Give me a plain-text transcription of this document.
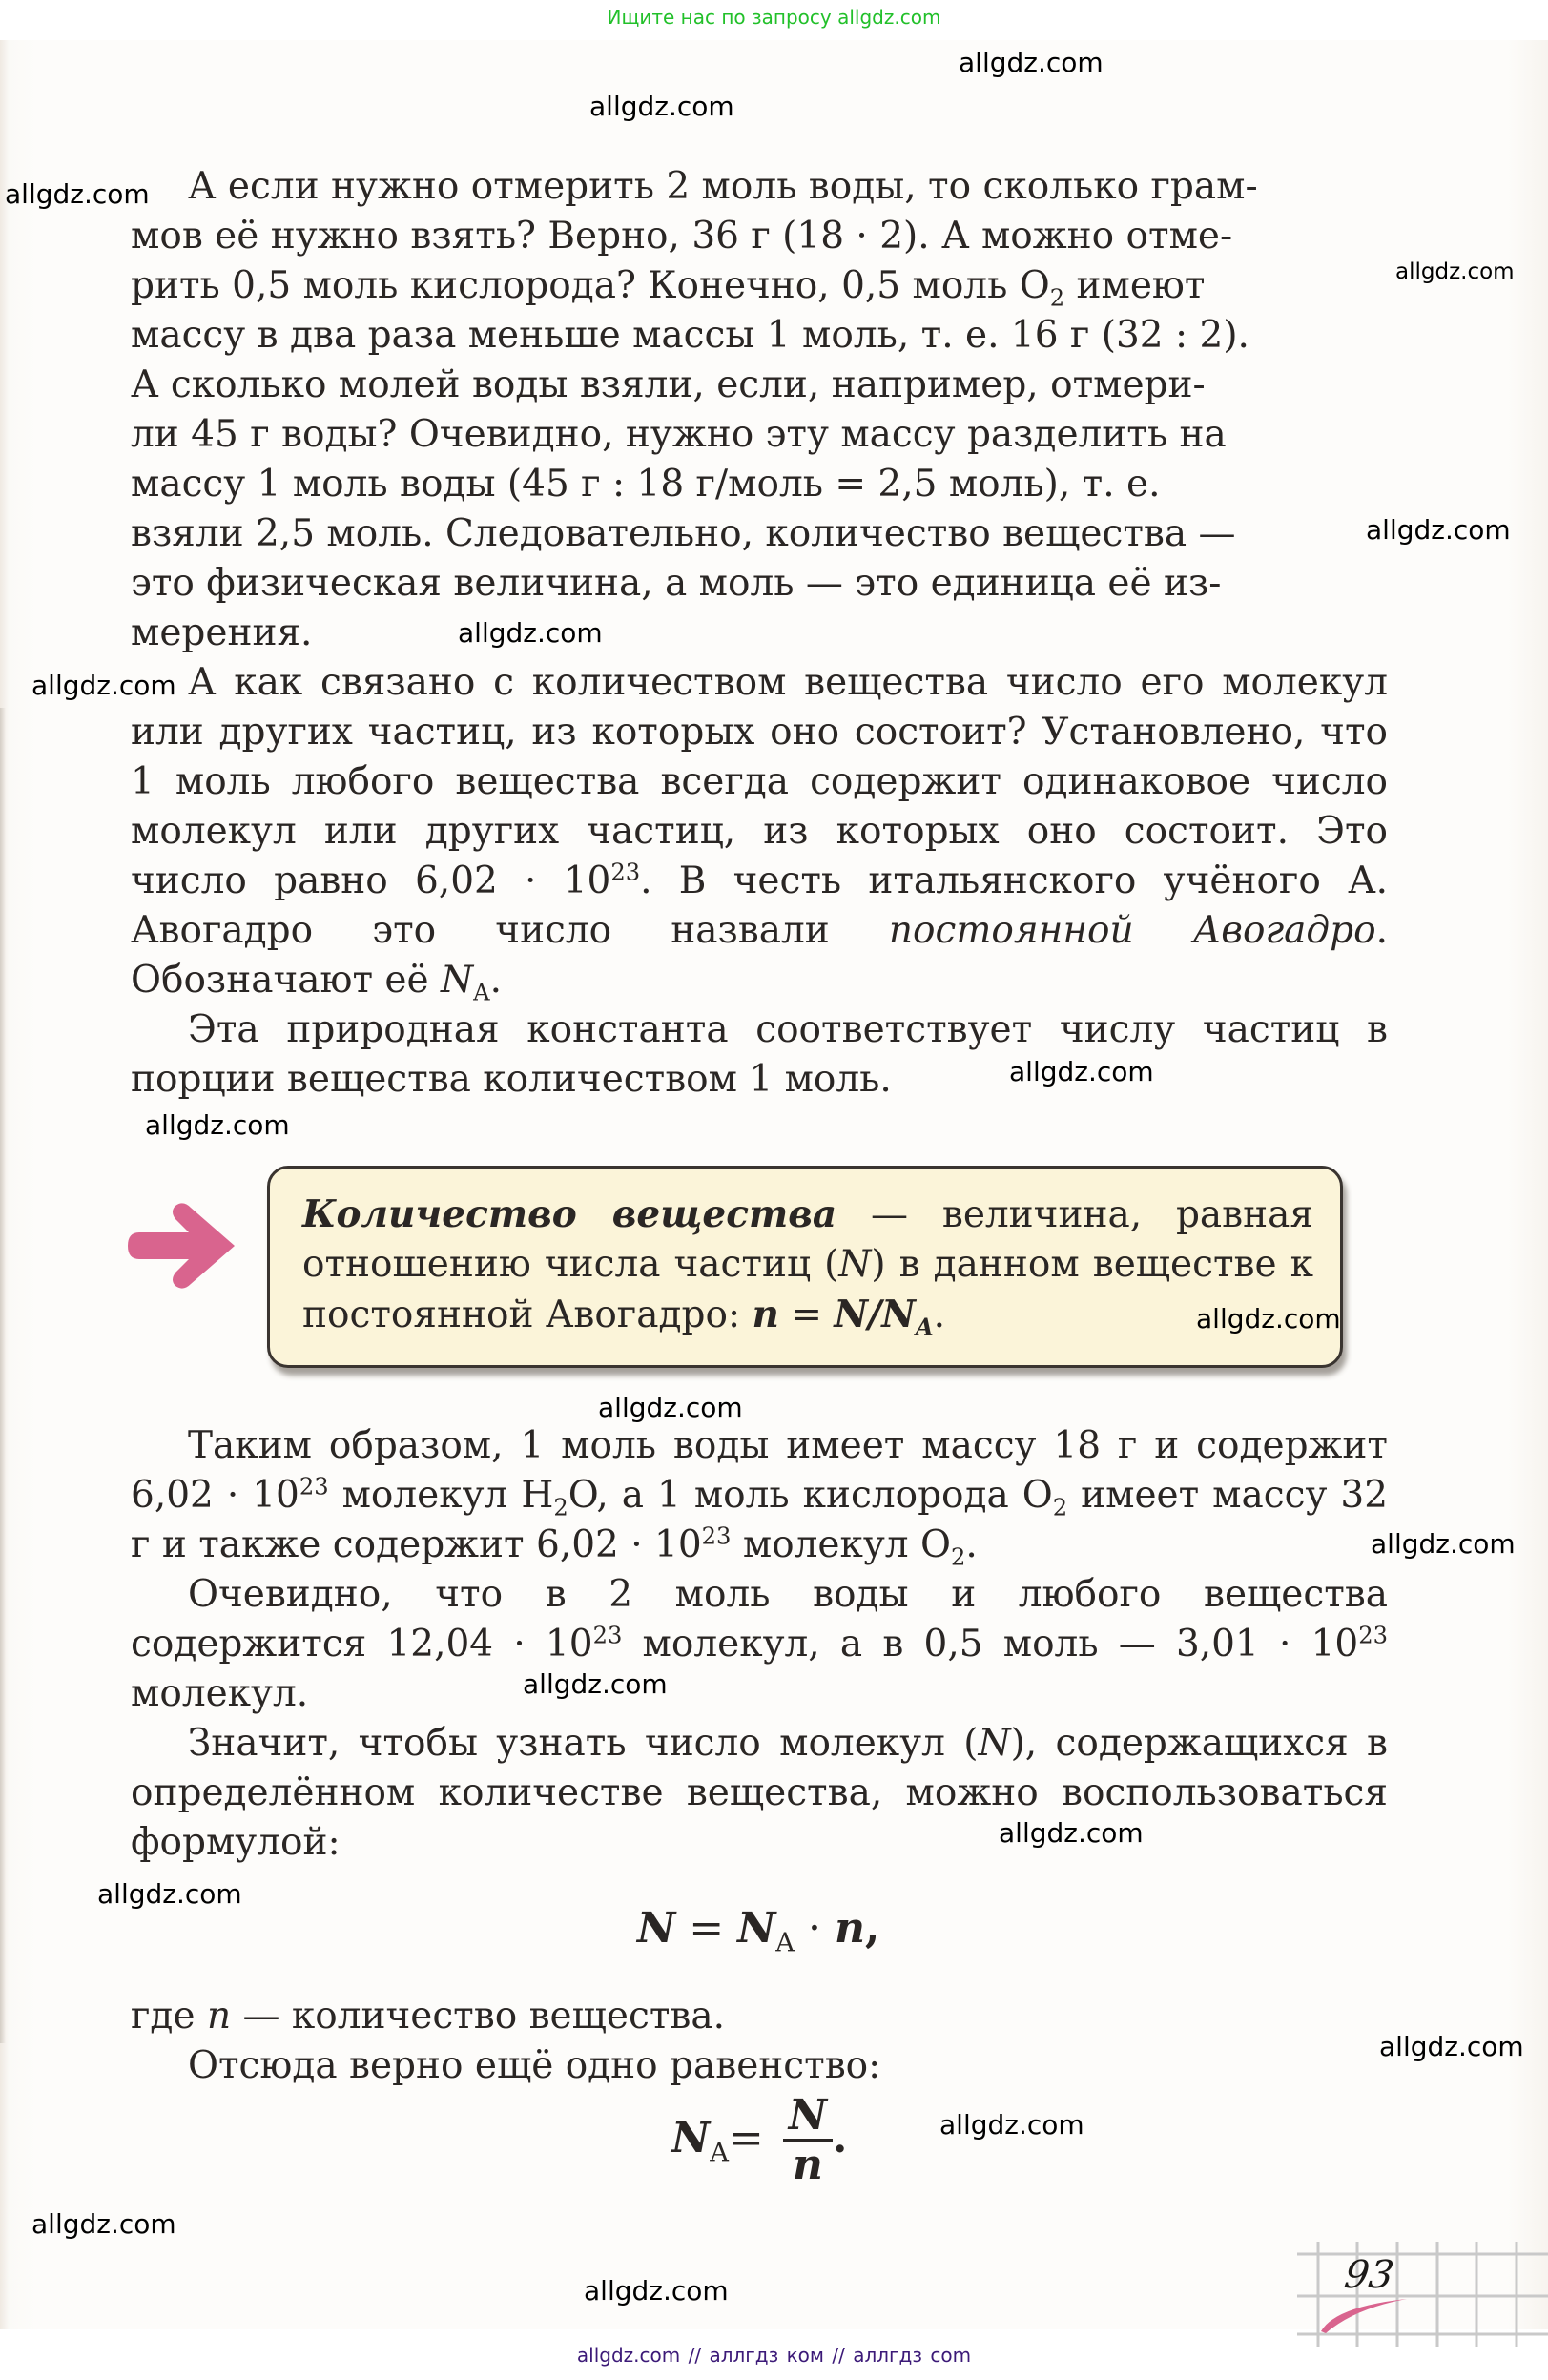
Ищите нас по запросу allgdz.com

А если нужно отмерить 2 моль воды, то сколько грам-

мов её нужно взять? Верно, 36 г (18 · 2). А можно отме-

рить 0,5 моль кислорода? Конечно, 0,5 моль $O_2$ имеют

массу в два раза меньше массы 1 моль, т. е. 16 г (32 : 2).

А сколько молей воды взяли, если, например, отмери-

ли 45 г воды? Очевидно, нужно эту массу разделить на

массу 1 моль воды (45 г : 18 г/моль = 2,5 моль), т. е.

взяли 2,5 моль. Следовательно, количество вещества —

это физическая величина, а моль — это единица её из-

мерения.

А как связано с количеством вещества число его молекул или других частиц, из которых оно состоит? Установлено, что 1 моль любого вещества всегда содержит одинаковое число молекул или других частиц, из которых оно состоит. Это число равно $6,02 \cdot 10^{23}$. В честь итальянского учёного А. Авогадро это число назвали постоянной Авогадро. Обозначают её $N_A$.

Эта природная константа соответствует числу частиц в порции вещества количеством 1 моль.

Количество вещества — величина, равная отношению числа частиц (N) в данном веществе к постоянной Авогадро: $n = N/N_A$.

Таким образом, 1 моль воды имеет массу 18 г и содержит $6,02 \cdot 10^{23}$ молекул $H_2O$, а 1 моль кислорода $O_2$ имеет массу 32 г и также содержит $6,02 \cdot 10^{23}$ молекул $O_2$.

Очевидно, что в 2 моль воды и любого вещества содержится $12,04 \cdot 10^{23}$ молекул, а в 0,5 моль — $3,01 \cdot 10^{23}$ молекул.

Значит, чтобы узнать число молекул (N), содержащихся в определённом количестве вещества, можно воспользоваться формулой:

$N = N_A \cdot n$,

где n — количество вещества.

Отсюда верно ещё одно равенство:

$N_A= \frac{N}{n}$ .
93
allgdz.com
allgdz.com
allgdz.com
allgdz.com
allgdz.com
allgdz.com
allgdz.com
allgdz.com
allgdz.com
allgdz.com
allgdz.com
allgdz.com
allgdz.com
allgdz.com
allgdz.com
allgdz.com
allgdz.com
allgdz.com
allgdz.com
allgdz.com // аллгдз ком // аллгдз com
